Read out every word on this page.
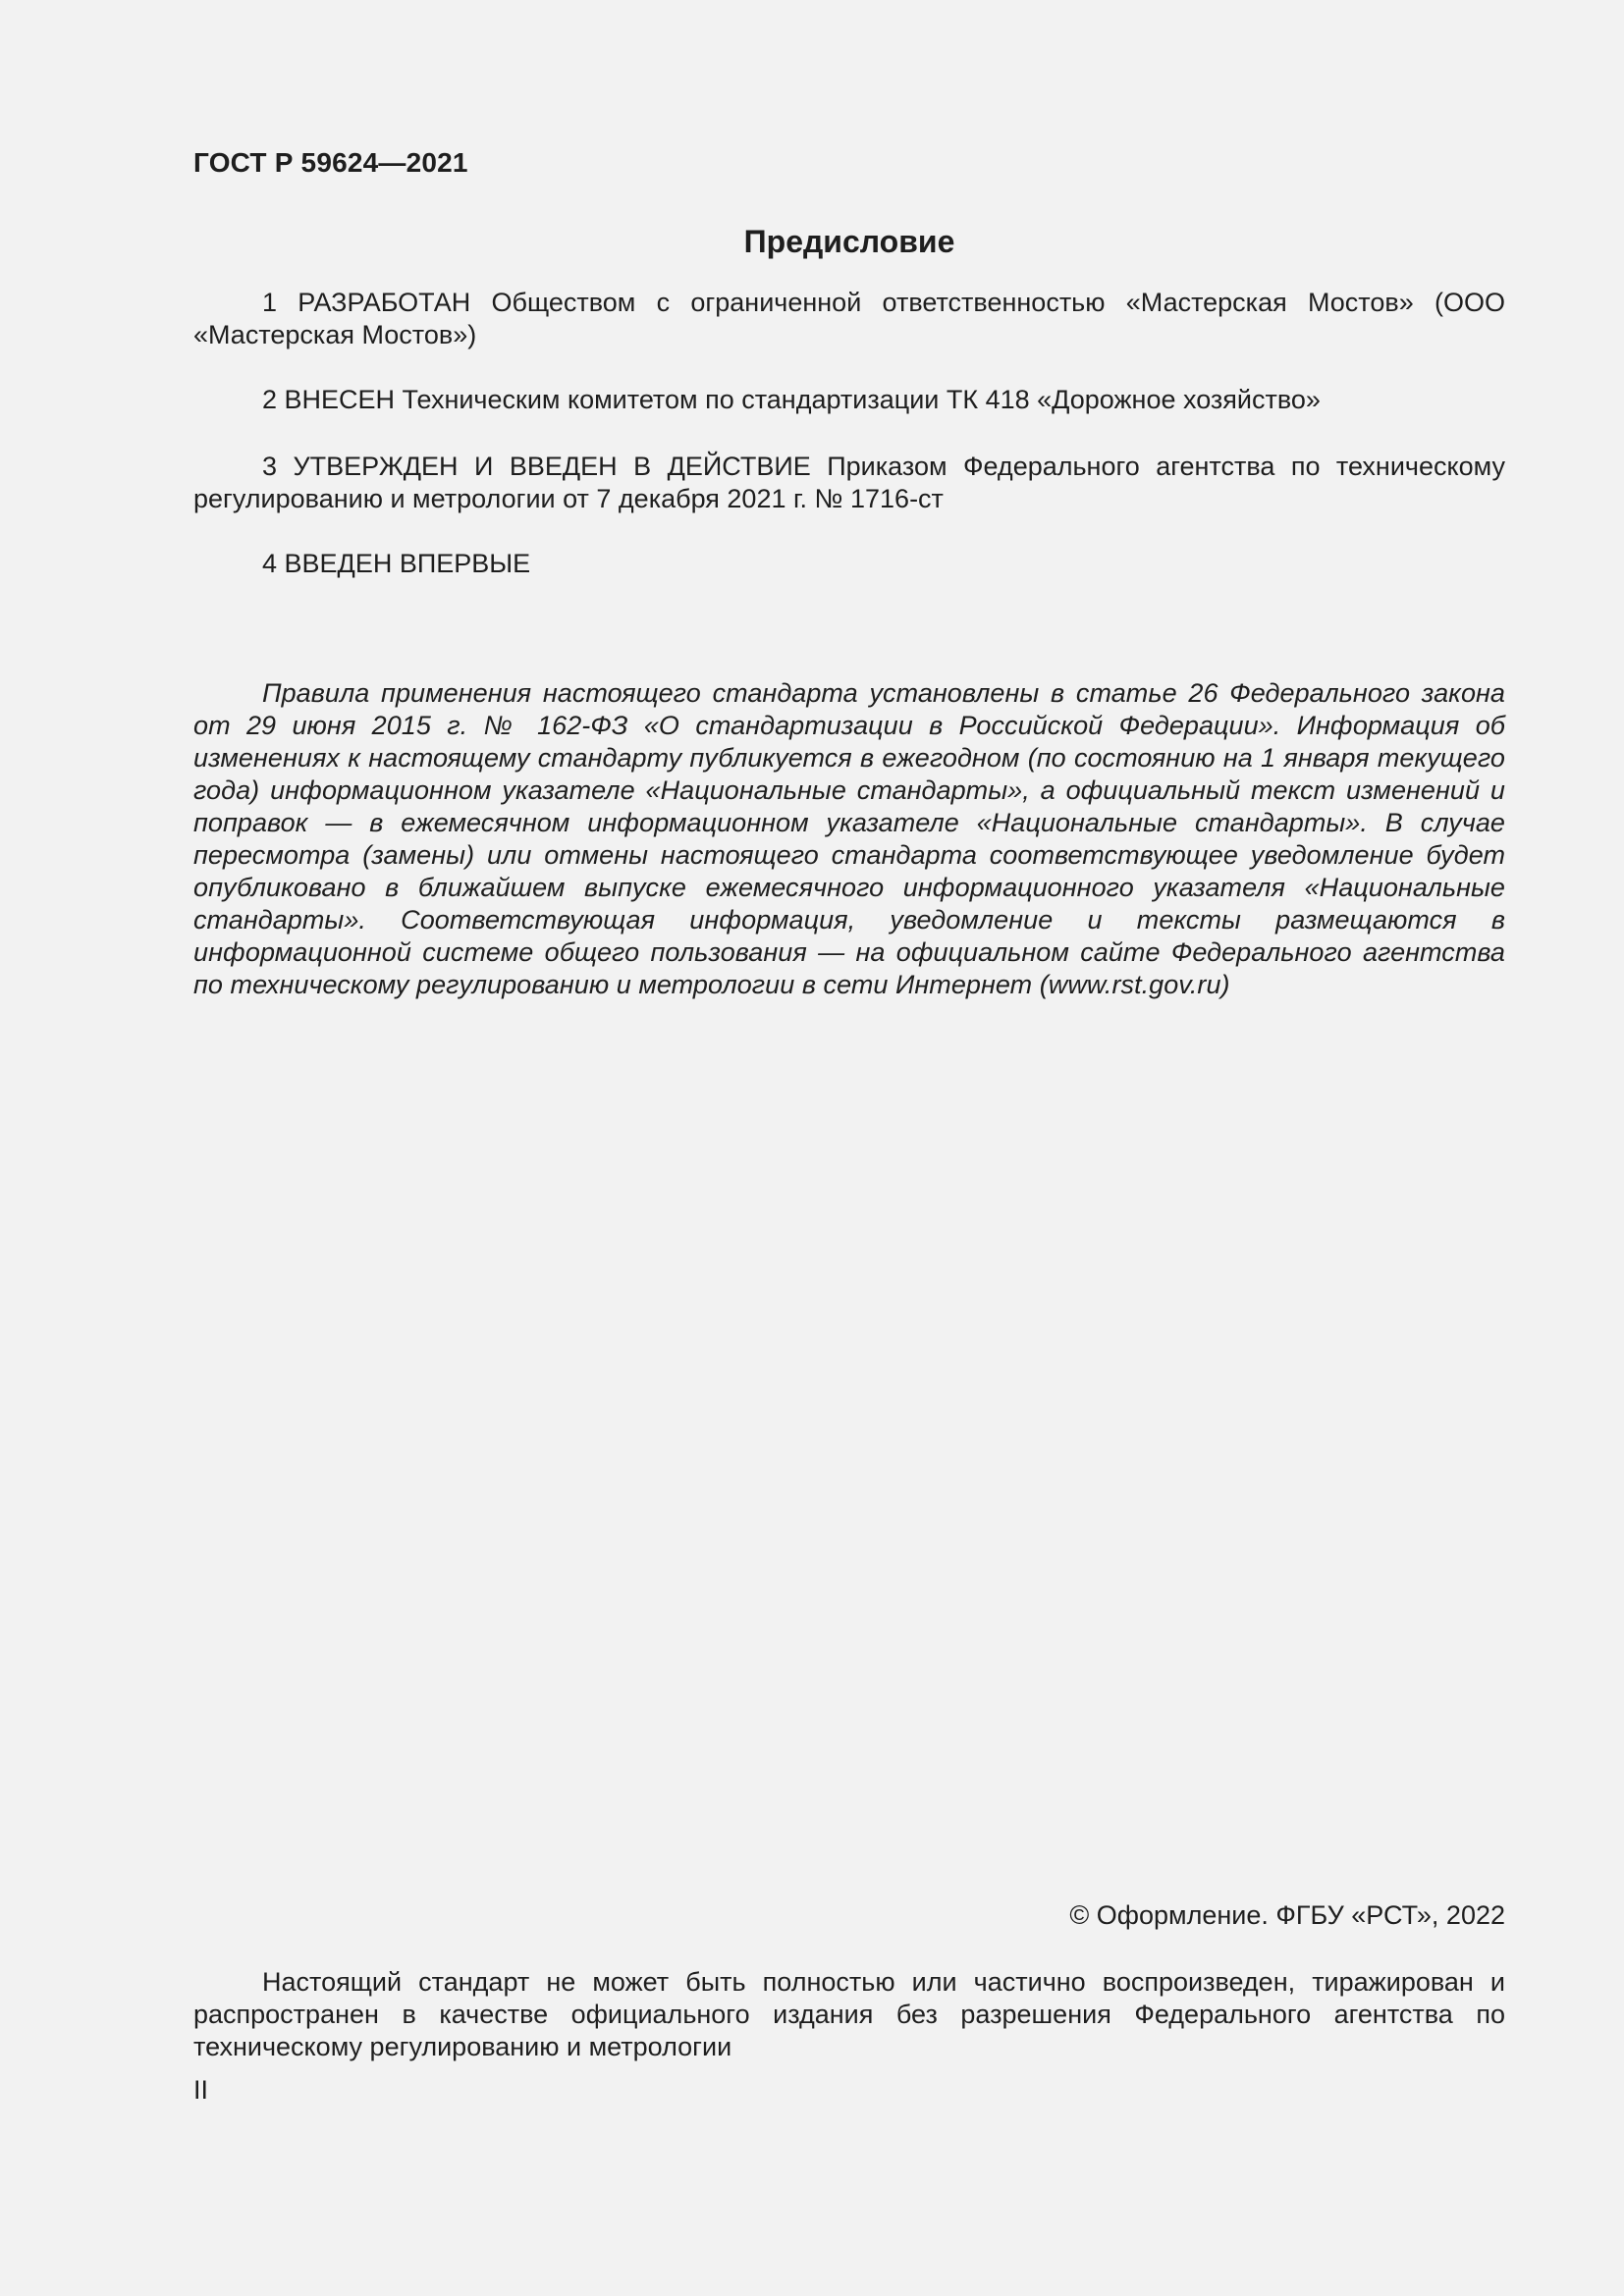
ГОСТ Р 59624—2021
Предисловие

1 РАЗРАБОТАН Обществом с ограниченной ответственностью «Мастерская Мостов» (ООО «Мастерская Мостов»)

2 ВНЕСЕН Техническим комитетом по стандартизации ТК 418 «Дорожное хозяйство»

3 УТВЕРЖДЕН И ВВЕДЕН В ДЕЙСТВИЕ Приказом Федерального агентства по техническому регулированию и метрологии от 7 декабря 2021 г. № 1716-ст

4 ВВЕДЕН ВПЕРВЫЕ

Правила применения настоящего стандарта установлены в статье 26 Федерального закона от 29 июня 2015 г. № 162-ФЗ «О стандартизации в Российской Федерации». Информация об изменениях к настоящему стандарту публикуется в ежегодном (по состоянию на 1 января текущего года) информационном указателе «Национальные стандарты», а официальный текст изменений и поправок — в ежемесячном информационном указателе «Национальные стандарты». В случае пересмотра (замены) или отмены настоящего стандарта соответствующее уведомление будет опубликовано в ближайшем выпуске ежемесячного информационного указателя «Национальные стандарты». Соответствующая информация, уведомление и тексты размещаются в информационной системе общего пользования — на официальном сайте Федерального агентства по техническому регулированию и метрологии в сети Интернет (www.rst.gov.ru)

© Оформление. ФГБУ «РСТ», 2022

Настоящий стандарт не может быть полностью или частично воспроизведен, тиражирован и распространен в качестве официального издания без разрешения Федерального агентства по техническому регулированию и метрологии

II
